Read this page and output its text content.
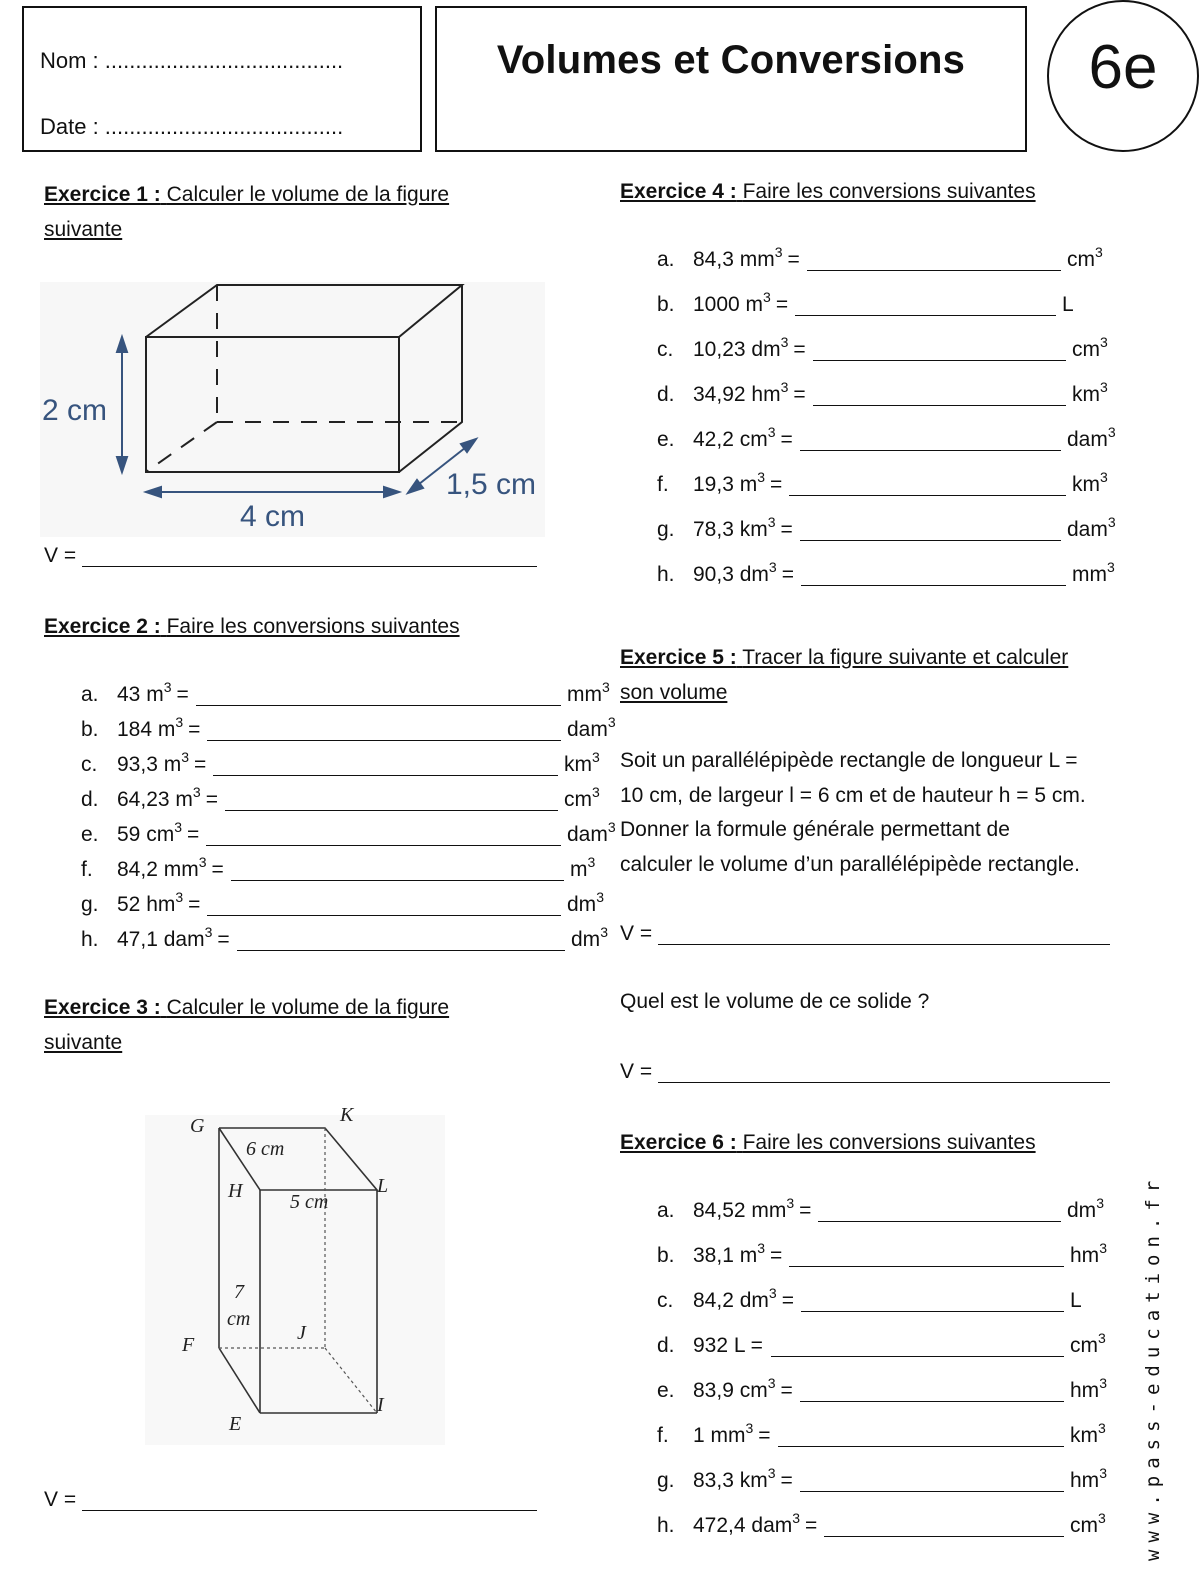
Nom : .......................................
Date : .......................................
Volumes et Conversions	6e
Exercice 1 : Calculer le volume de la figure
suivante
2 cm
4 cm
1,5 cm
V =
Exercice 2 : Faire les conversions suivantes
a. 43 $m^3$ =	$mm^3$
b. 184 $m^3$ =	dam$^3$
c. 93,3 $m^3$ =	$km^3$
d. 64,23 $m^3$ =	$cm^3$
e. 59 $cm^3$ =	dam$^3$
f. 84,2 $mm^3$ =	$m^3$
g. 52 $hm^3$ =	$dm^3$
h. 47,1 dam$^3$ =	$dm^3$
Exercice 3 : Calculer le volume de la figure
suivante
G	K
H	L
F
J
E
I
6 cm
5 cm
7
cm
V =
Exercice 4 : Faire les conversions suivantes
a. 84,3 $mm^3$ =	$cm^3$
b. 1000 $m^3$ =	L
c. 10,23 $dm^3$ =	$cm^3$
d. 34,92 $hm^3$ =	$km^3$
e. 42,2 $cm^3$ =	dam$^3$
f. 19,3 $m^3$ =	$km^3$
g. 78,3 $km^3$ =	dam$^3$
h. 90,3 $dm^3$ =	$mm^3$
Exercice 5 : Tracer la figure suivante et calculer
son volume
Soit un parallélépipède rectangle de longueur L =
10 cm, de largeur l = 6 cm et de hauteur h = 5 cm.
Donner la formule générale permettant de
calculer le volume d’un parallélépipède rectangle.
V =
Quel est le volume de ce solide ?
V =
Exercice 6 : Faire les conversions suivantes
a. 84,52 $mm^3$ =	$dm^3$
b. 38,1 $m^3$ =	$hm^3$
c. 84,2 $dm^3$ =	L
d. 932 L =	$cm^3$
e. 83,9 $cm^3$ =	$hm^3$
f. 1 $mm^3$ =	$km^3$
g. 83,3 $km^3$ =	$hm^3$
h. 472,4 dam$^3$ =	$cm^3$ www.pass-education.fr
